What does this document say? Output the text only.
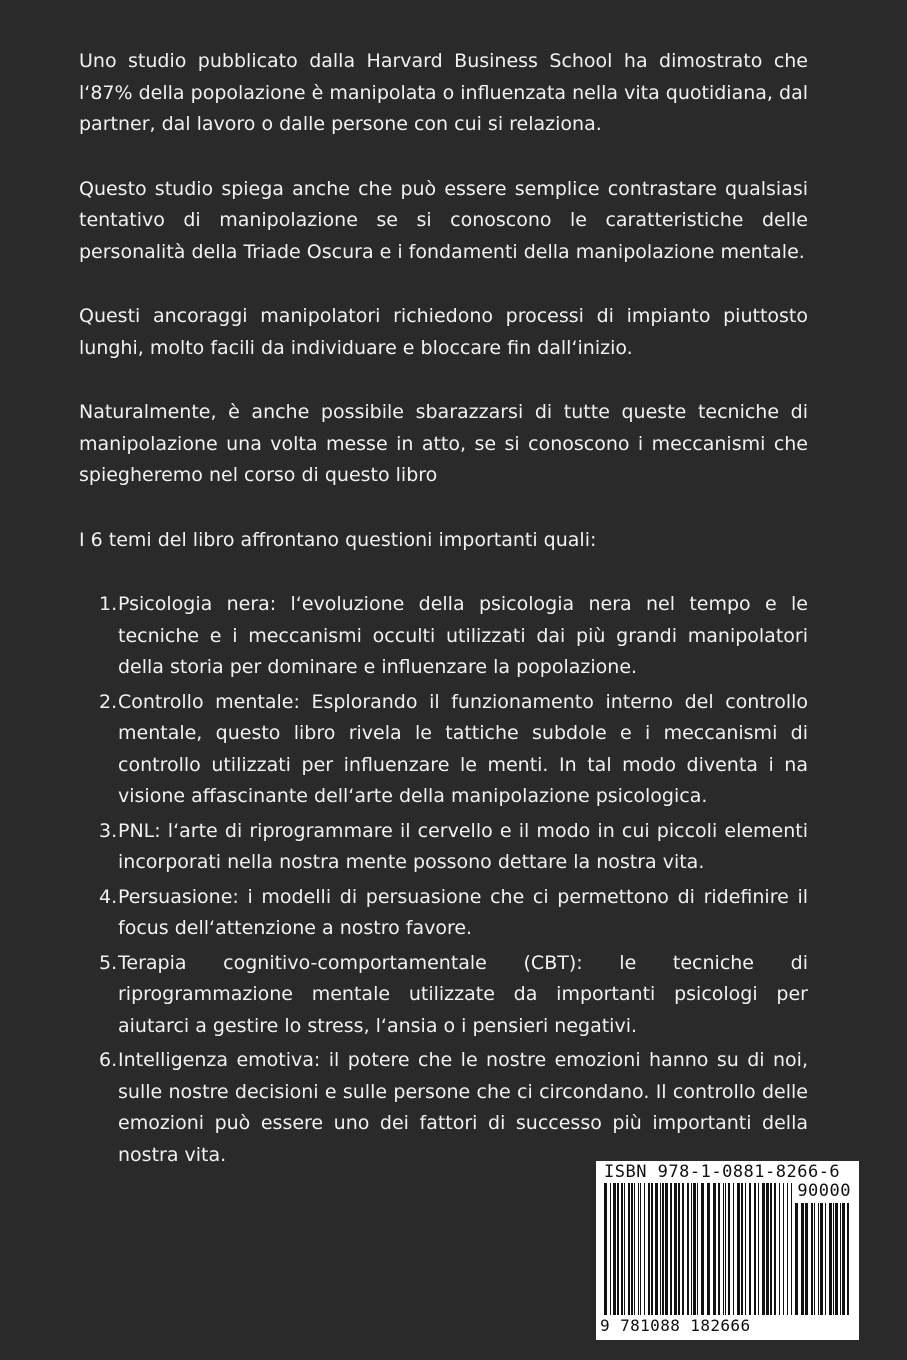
Uno studio pubblicato dalla Harvard Business School ha dimostrato che l‘87% della popolazione è manipolata o influenzata nella vita quotidiana, dal partner, dal lavoro o dalle persone con cui si relaziona.

Questo studio spiega anche che può essere semplice contrastare qualsiasi tentativo di manipolazione se si conoscono le caratteristiche delle personalità della Triade Oscura e i fondamenti della manipolazione mentale.

Questi ancoraggi manipolatori richiedono processi di impianto piuttosto lunghi, molto facili da individuare e bloccare fin dall‘inizio.

Naturalmente, è anche possibile sbarazzarsi di tutte queste tecniche di manipolazione una volta messe in atto, se si conoscono i meccanismi che spiegheremo nel corso di questo libro

I 6 temi del libro affrontano questioni importanti quali:

1. Psicologia nera: l‘evoluzione della psicologia nera nel tempo e le tecniche e i meccanismi occulti utilizzati dai più grandi manipolatori della storia per dominare e influenzare la popolazione.
2. Controllo mentale: Esplorando il funzionamento interno del controllo mentale, questo libro rivela le tattiche subdole e i meccanismi di controllo utilizzati per influenzare le menti. In tal modo diventa i na visione affascinante dell‘arte della manipolazione psicologica.
3. PNL: l‘arte di riprogrammare il cervello e il modo in cui piccoli elementi incorporati nella nostra mente possono dettare la nostra vita.
4. Persuasione: i modelli di persuasione che ci permettono di ridefinire il focus dell‘attenzione a nostro favore.
5. Terapia cognitivo-comportamentale (CBT): le tecniche di riprogrammazione mentale utilizzate da importanti psicologi per aiutarci a gestire lo stress, l‘ansia o i pensieri negativi.
6. Intelligenza emotiva: il potere che le nostre emozioni hanno su di noi, sulle nostre decisioni e sulle persone che ci circondano. Il controllo delle emozioni può essere uno dei fattori di successo più importanti della nostra vita.
ISBN 978-1-0881-8266-6
90000
9 781088 182666
